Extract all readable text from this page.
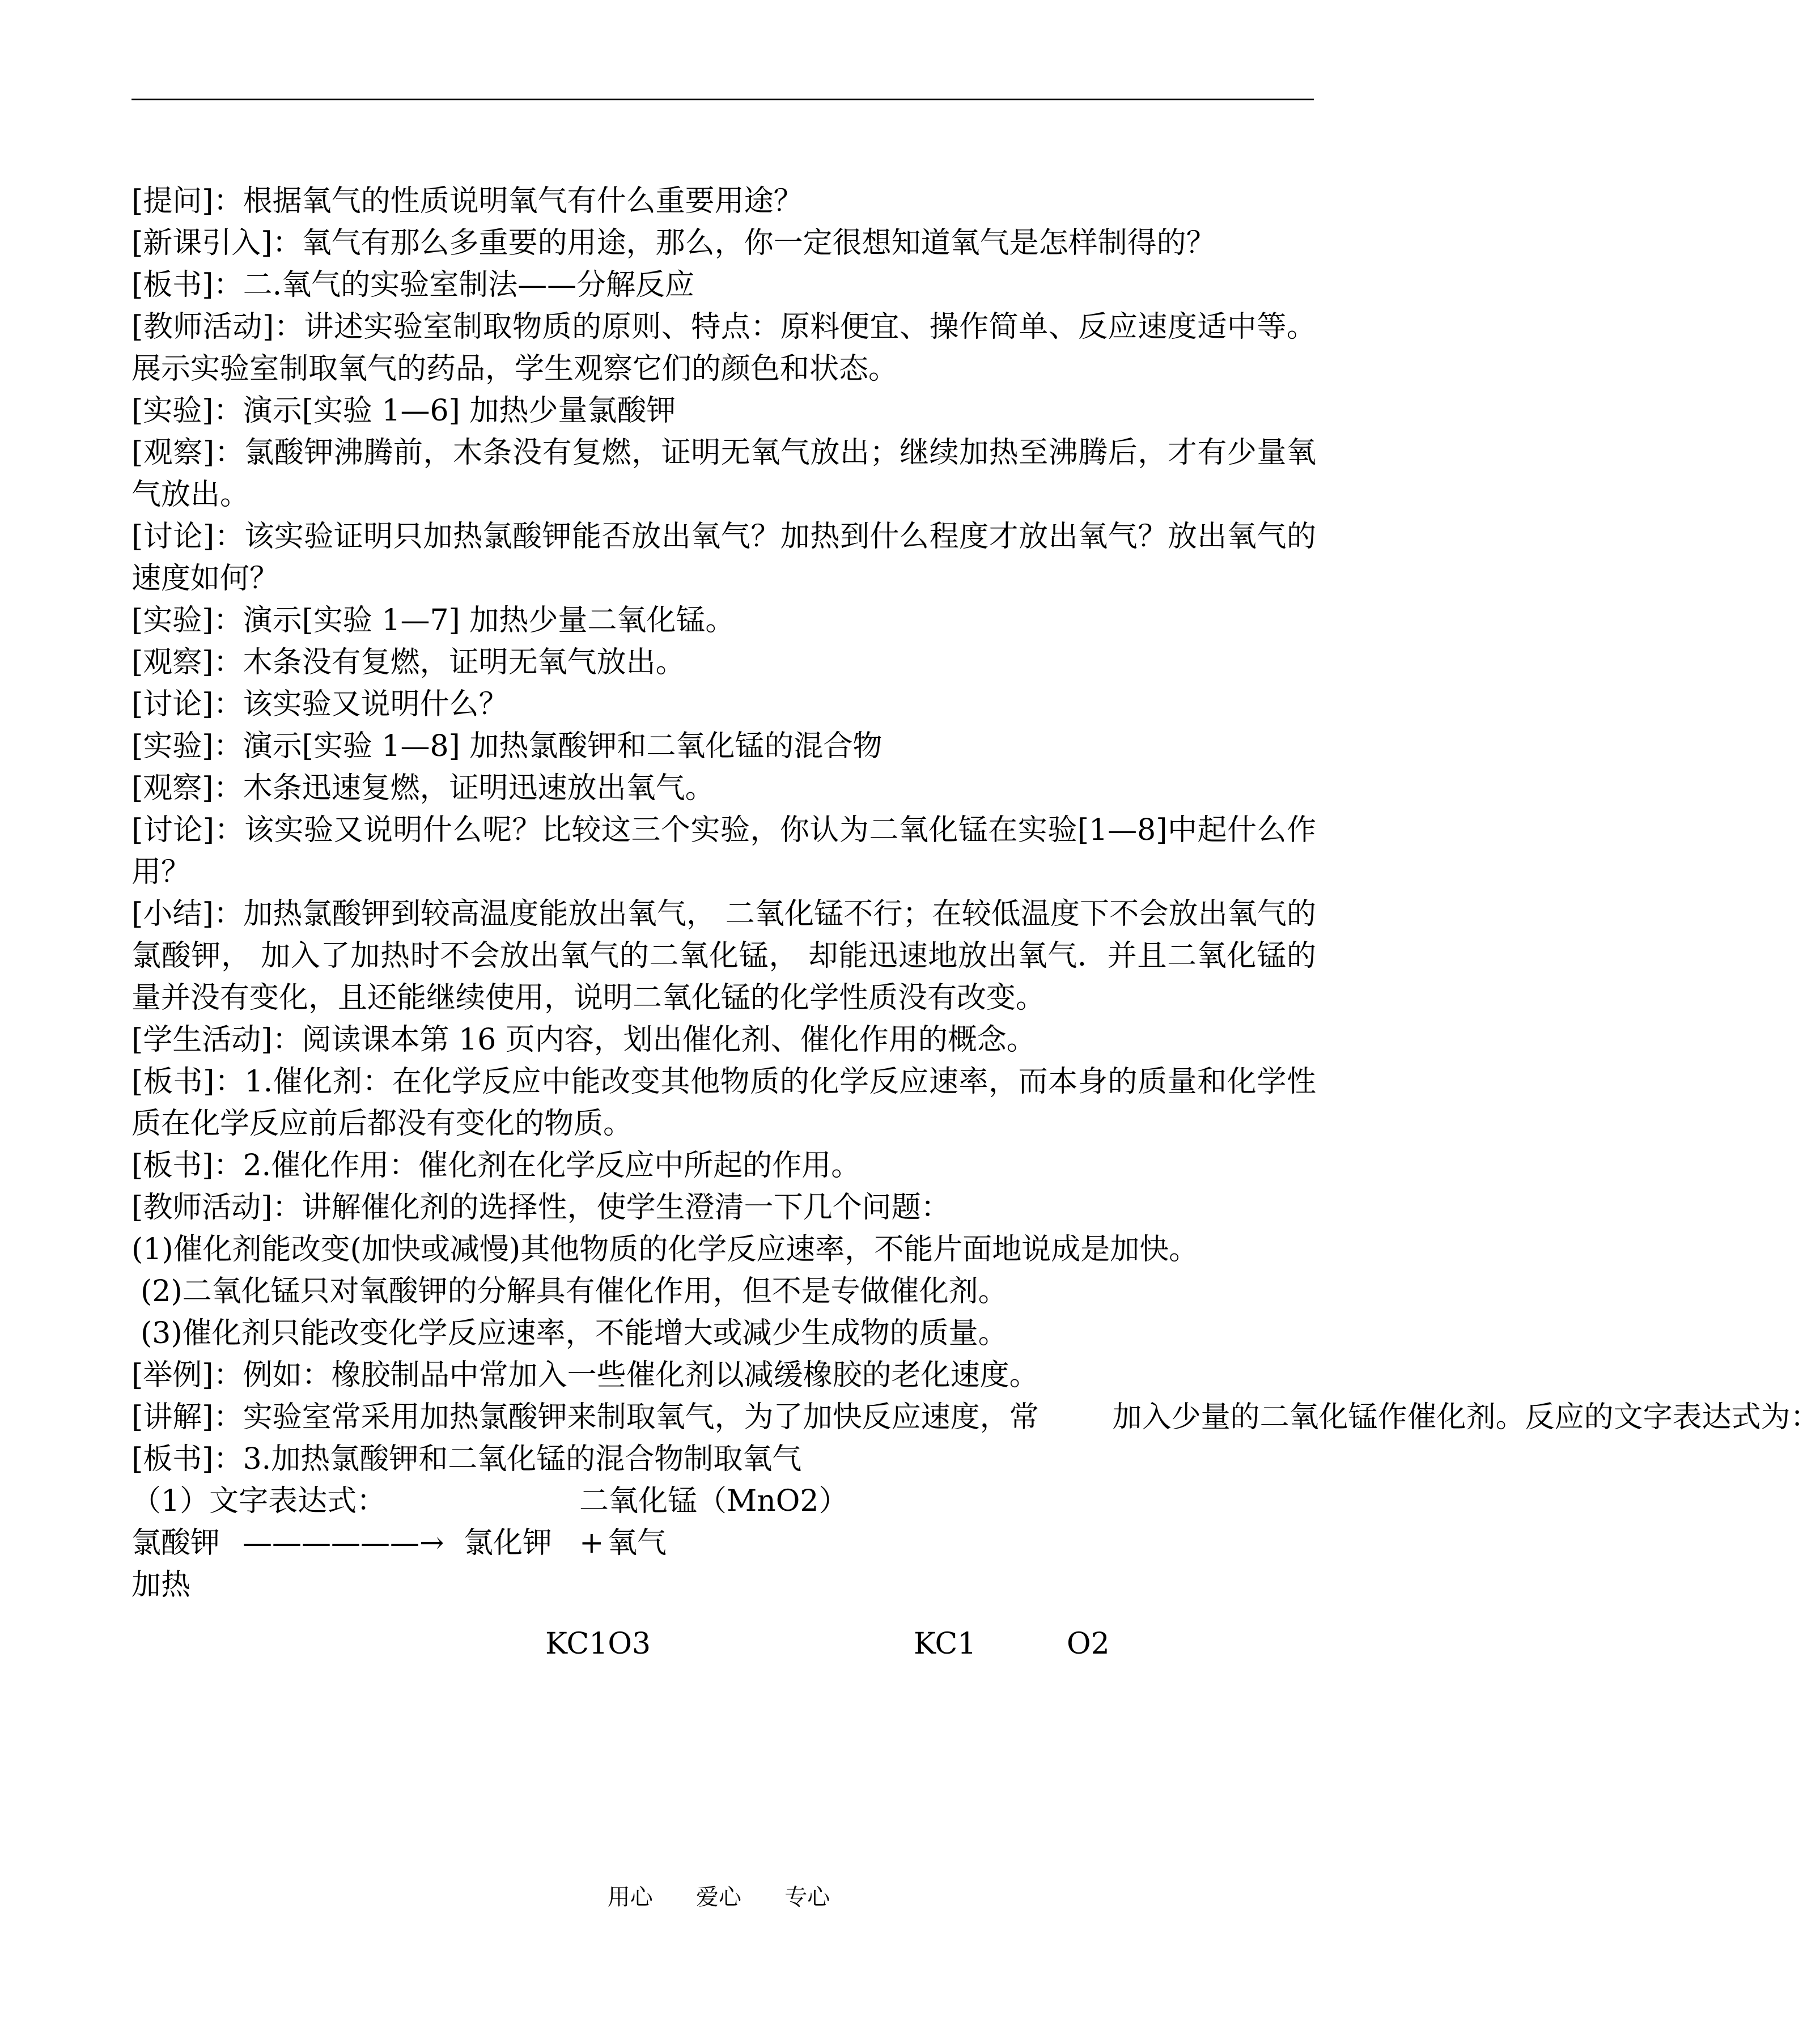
[提问]：根据氧气的性质说明氧气有什么重要用途？

[新课引入]：氧气有那么多重要的用途，那么，你一定很想知道氧气是怎样制得的？

[板书]：二.氧气的实验室制法——分解反应

[教师活动]：讲述实验室制取物质的原则、特点：原料便宜、操作简单、反应速度适中等。展示实验室制取氧气的药品，学生观察它们的颜色和状态。

[实验]：演示[实验 1—6] 加热少量氯酸钾

[观察]：氯酸钾沸腾前，木条没有复燃，证明无氧气放出；继续加热至沸腾后，才有少量氧气放出。

[讨论]：该实验证明只加热氯酸钾能否放出氧气？加热到什么程度才放出氧气？放出氧气的速度如何？

[实验]：演示[实验 1—7] 加热少量二氧化锰。

[观察]：木条没有复燃，证明无氧气放出。

[讨论]：该实验又说明什么？

[实验]：演示[实验 1—8] 加热氯酸钾和二氧化锰的混合物

[观察]：木条迅速复燃，证明迅速放出氧气。

[讨论]：该实验又说明什么呢？比较这三个实验，你认为二氧化锰在实验[1—8]中起什么作用？

[小结]：加热氯酸钾到较高温度能放出氧气， 二氧化锰不行；在较低温度下不会放出氧气的氯酸钾， 加入了加热时不会放出氧气的二氧化锰， 却能迅速地放出氧气．并且二氧化锰的量并没有变化，且还能继续使用，说明二氧化锰的化学性质没有改变。

[学生活动]：阅读课本第 16 页内容，划出催化剂、催化作用的概念。

[板书]：1.催化剂：在化学反应中能改变其他物质的化学反应速率，而本身的质量和化学性质在化学反应前后都没有变化的物质。

[板书]：2.催化作用：催化剂在化学反应中所起的作用。

[教师活动]：讲解催化剂的选择性，使学生澄清一下几个问题：

(1)催化剂能改变(加快或减慢)其他物质的化学反应速率，不能片面地说成是加快。

(2)二氧化锰只对氧酸钾的分解具有催化作用，但不是专做催化剂。

(3)催化剂只能改变化学反应速率，不能增大或减少生成物的质量。

[举例]：例如：橡胶制品中常加入一些催化剂以减缓橡胶的老化速度。

[讲解]：实验室常采用加热氯酸钾来制取氧气，为了加快反应速度，常	加入少量的二氧化锰作催化剂。反应的文字表达式为：

[板书]：3.加热氯酸钾和二氧化锰的混合物制取氧气

（1）文字表达式：	二氧化锰（MnO2）
氯酸钾 ——————→ 氯化钾 + 氧气
加热
KC1O3	KC1	O2
用心 爱心 专心
